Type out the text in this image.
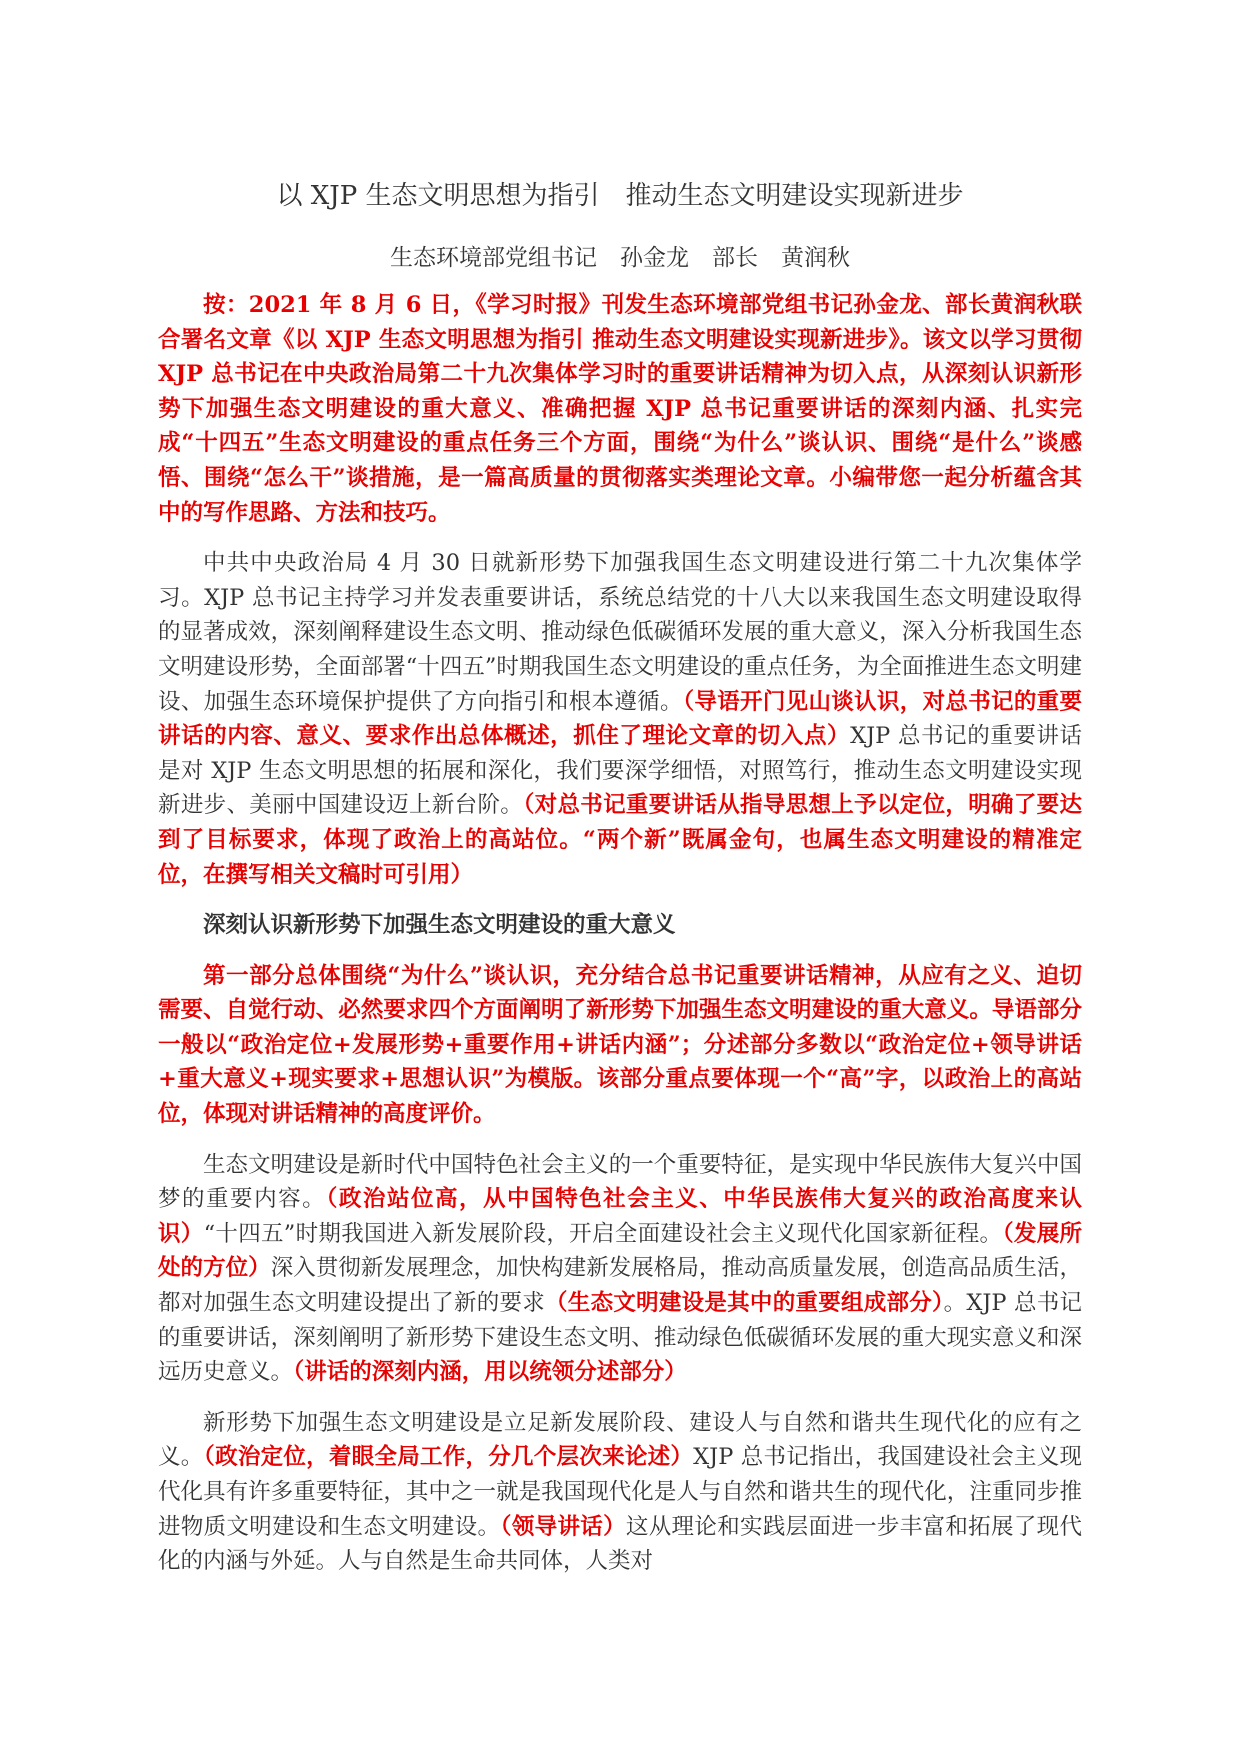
以 XJP 生态文明思想为指引　推动生态文明建设实现新进步
生态环境部党组书记　孙金龙　部长　黄润秋

按：2021 年 8 月 6 日，《学习时报》刊发生态环境部党组书记孙金龙、部长黄润秋联合署名文章《以 XJP 生态文明思想为指引 推动生态文明建设实现新进步》。该文以学习贯彻 XJP 总书记在中央政治局第二十九次集体学习时的重要讲话精神为切入点，从深刻认识新形势下加强生态文明建设的重大意义、准确把握 XJP 总书记重要讲话的深刻内涵、扎实完成“十四五”生态文明建设的重点任务三个方面，围绕“为什么”谈认识、围绕“是什么”谈感悟、围绕“怎么干”谈措施，是一篇高质量的贯彻落实类理论文章。小编带您一起分析蕴含其中的写作思路、方法和技巧。

中共中央政治局 4 月 30 日就新形势下加强我国生态文明建设进行第二十九次集体学习。XJP 总书记主持学习并发表重要讲话，系统总结党的十八大以来我国生态文明建设取得的显著成效，深刻阐释建设生态文明、推动绿色低碳循环发展的重大意义，深入分析我国生态文明建设形势，全面部署“十四五”时期我国生态文明建设的重点任务，为全面推进生态文明建设、加强生态环境保护提供了方向指引和根本遵循。（导语开门见山谈认识，对总书记的重要讲话的内容、意义、要求作出总体概述，抓住了理论文章的切入点）XJP 总书记的重要讲话是对 XJP 生态文明思想的拓展和深化，我们要深学细悟，对照笃行，推动生态文明建设实现新进步、美丽中国建设迈上新台阶。（对总书记重要讲话从指导思想上予以定位，明确了要达到了目标要求，体现了政治上的高站位。“两个新”既属金句，也属生态文明建设的精准定位，在撰写相关文稿时可引用）

深刻认识新形势下加强生态文明建设的重大意义

第一部分总体围绕“为什么”谈认识，充分结合总书记重要讲话精神，从应有之义、迫切需要、自觉行动、必然要求四个方面阐明了新形势下加强生态文明建设的重大意义。导语部分一般以“政治定位+发展形势+重要作用+讲话内涵”；分述部分多数以“政治定位+领导讲话+重大意义+现实要求+思想认识”为模版。该部分重点要体现一个“高”字，以政治上的高站位，体现对讲话精神的高度评价。

生态文明建设是新时代中国特色社会主义的一个重要特征，是实现中华民族伟大复兴中国梦的重要内容。（政治站位高，从中国特色社会主义、中华民族伟大复兴的政治高度来认识）“十四五”时期我国进入新发展阶段，开启全面建设社会主义现代化国家新征程。（发展所处的方位）深入贯彻新发展理念，加快构建新发展格局，推动高质量发展，创造高品质生活，都对加强生态文明建设提出了新的要求（生态文明建设是其中的重要组成部分）。XJP 总书记的重要讲话，深刻阐明了新形势下建设生态文明、推动绿色低碳循环发展的重大现实意义和深远历史意义。（讲话的深刻内涵，用以统领分述部分）

新形势下加强生态文明建设是立足新发展阶段、建设人与自然和谐共生现代化的应有之义。（政治定位，着眼全局工作，分几个层次来论述）XJP 总书记指出，我国建设社会主义现代化具有许多重要特征，其中之一就是我国现代化是人与自然和谐共生的现代化，注重同步推进物质文明建设和生态文明建设。（领导讲话）这从理论和实践层面进一步丰富和拓展了现代化的内涵与外延。人与自然是生命共同体，人类对
